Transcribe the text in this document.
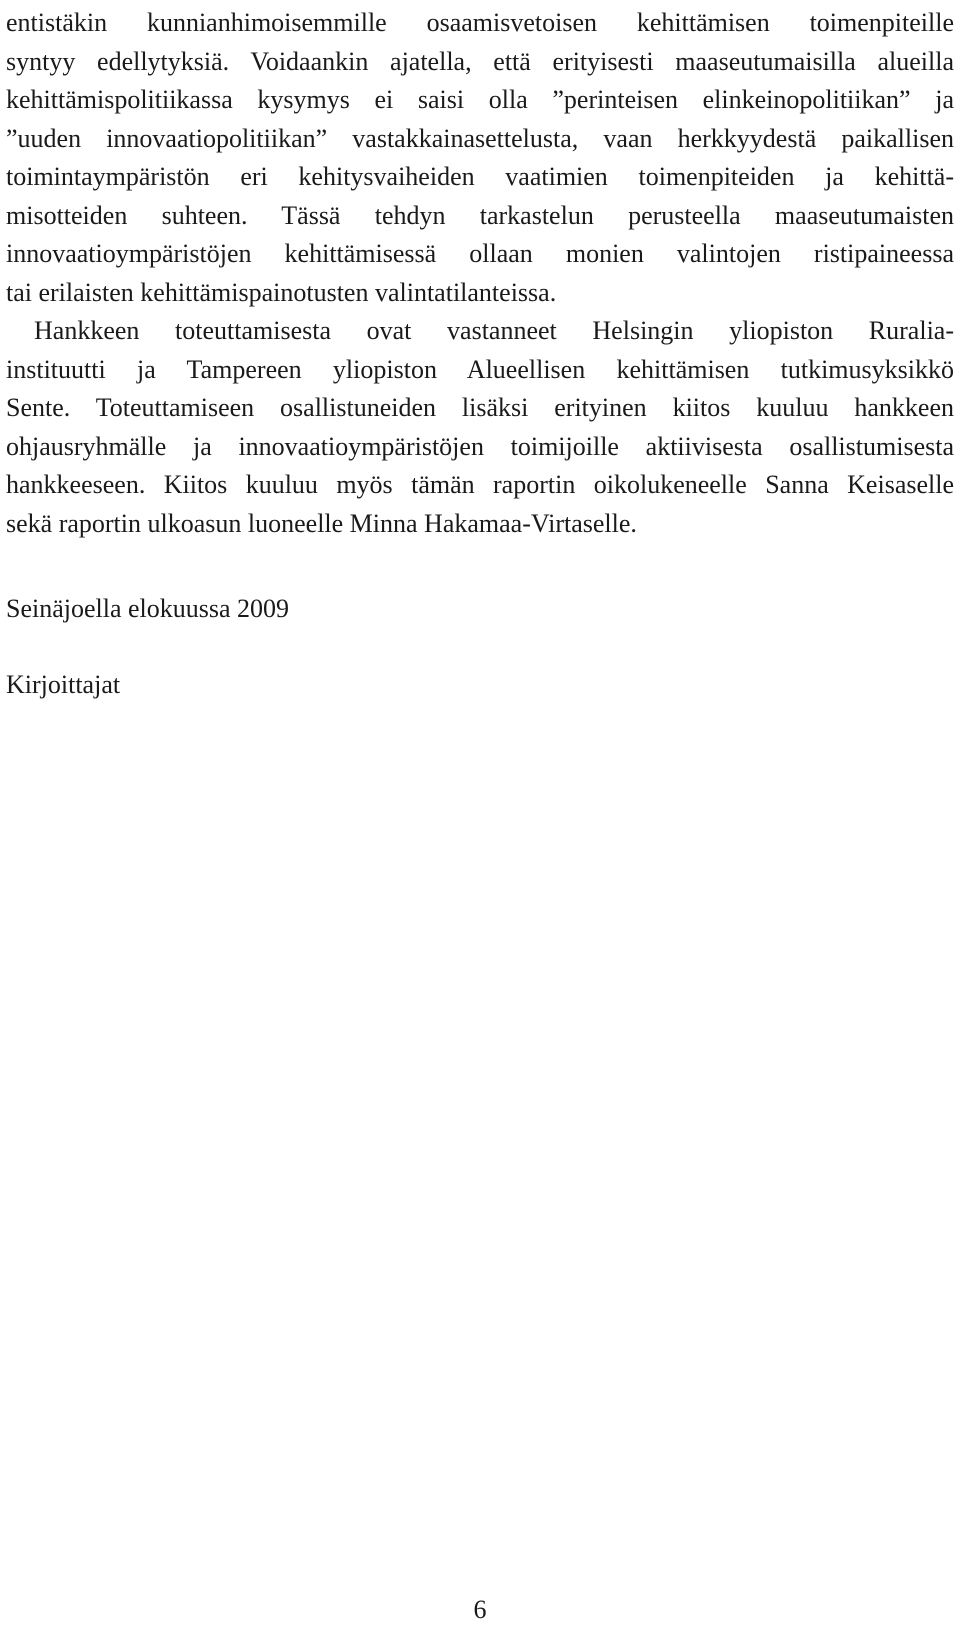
entistäkin kunnianhimoisemmille osaamisvetoisen kehittämisen toimenpiteille
syntyy edellytyksiä. Voidaankin ajatella, että erityisesti maaseutumaisilla alueilla
kehittämispolitiikassa kysymys ei saisi olla ”perinteisen elinkeinopolitiikan” ja
”uuden innovaatiopolitiikan” vastakkainasettelusta, vaan herkkyydestä paikallisen
toimintaympäristön eri kehitysvaiheiden vaatimien toimenpiteiden ja kehittä-
misotteiden suhteen. Tässä tehdyn tarkastelun perusteella maaseutumaisten
innovaatioympäristöjen kehittämisessä ollaan monien valintojen ristipaineessa
tai erilaisten kehittämispainotusten valintatilanteissa.
Hankkeen toteuttamisesta ovat vastanneet Helsingin yliopiston Ruralia-
instituutti ja Tampereen yliopiston Alueellisen kehittämisen tutkimusyksikkö
Sente. Toteuttamiseen osallistuneiden lisäksi erityinen kiitos kuuluu hankkeen
ohjausryhmälle ja innovaatioympäristöjen toimijoille aktiivisesta osallistumisesta
hankkeeseen. Kiitos kuuluu myös tämän raportin oikolukeneelle Sanna Keisaselle
sekä raportin ulkoasun luoneelle Minna Hakamaa-Virtaselle.
Seinäjoella elokuussa 2009
Kirjoittajat
6
